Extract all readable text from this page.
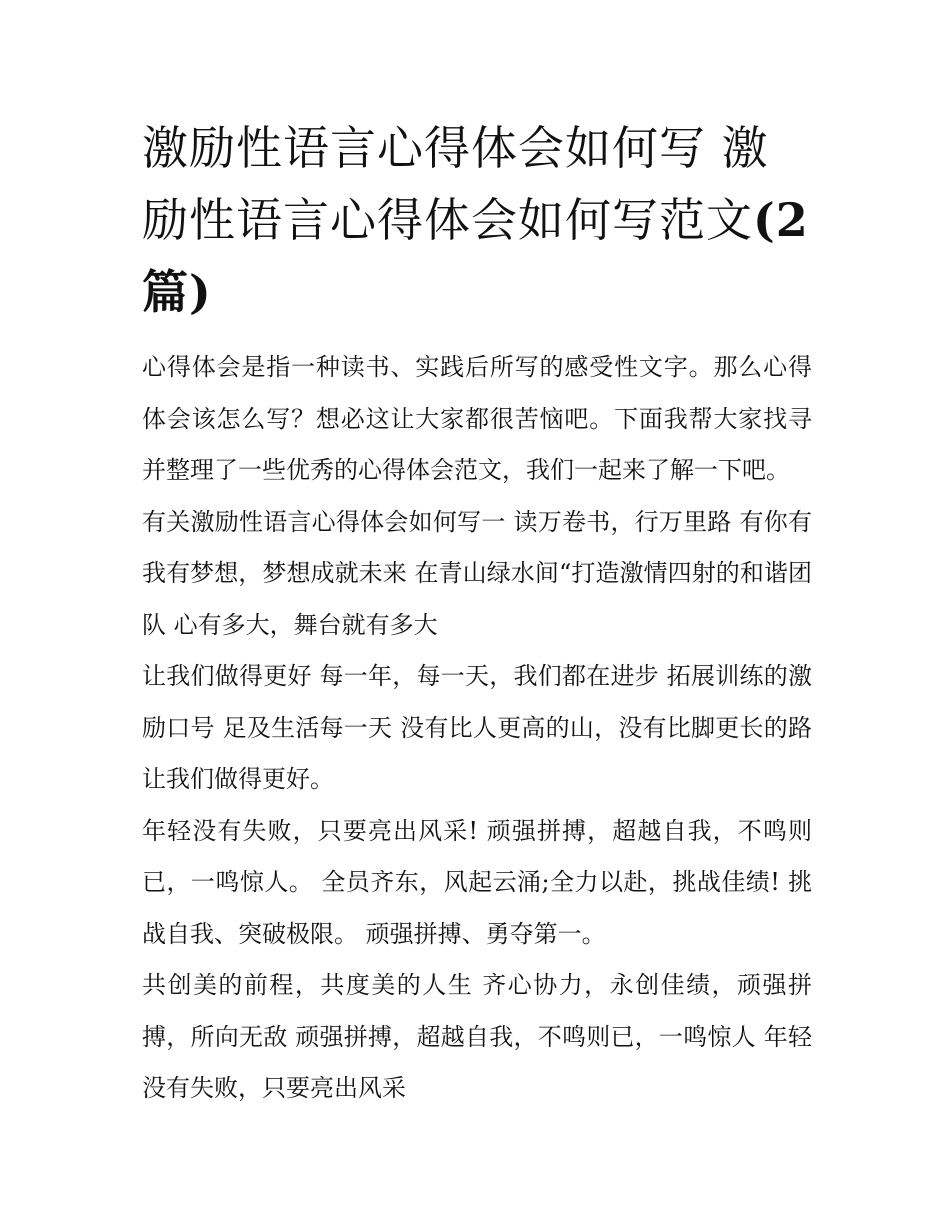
激励性语言心得体会如何写 激励性语言心得体会如何写范文(2篇)

心得体会是指一种读书、实践后所写的感受性文字。那么心得体会该怎么写？想必这让大家都很苦恼吧。下面我帮大家找寻并整理了一些优秀的心得体会范文，我们一起来了解一下吧。

有关激励性语言心得体会如何写一 读万卷书，行万里路 有你有我有梦想，梦想成就未来 在青山绿水间“打造激情四射的和谐团队 心有多大，舞台就有多大

让我们做得更好 每一年，每一天，我们都在进步 拓展训练的激励口号 足及生活每一天 没有比人更高的山，没有比脚更长的路 让我们做得更好。

年轻没有失败，只要亮出风采! 顽强拼搏，超越自我，不鸣则已，一鸣惊人。 全员齐东，风起云涌;全力以赴，挑战佳绩! 挑战自我、突破极限。 顽强拼搏、勇夺第一。

共创美的前程，共度美的人生 齐心协力，永创佳绩，顽强拼搏，所向无敌 顽强拼搏，超越自我，不鸣则已，一鸣惊人 年轻没有失败，只要亮出风采
